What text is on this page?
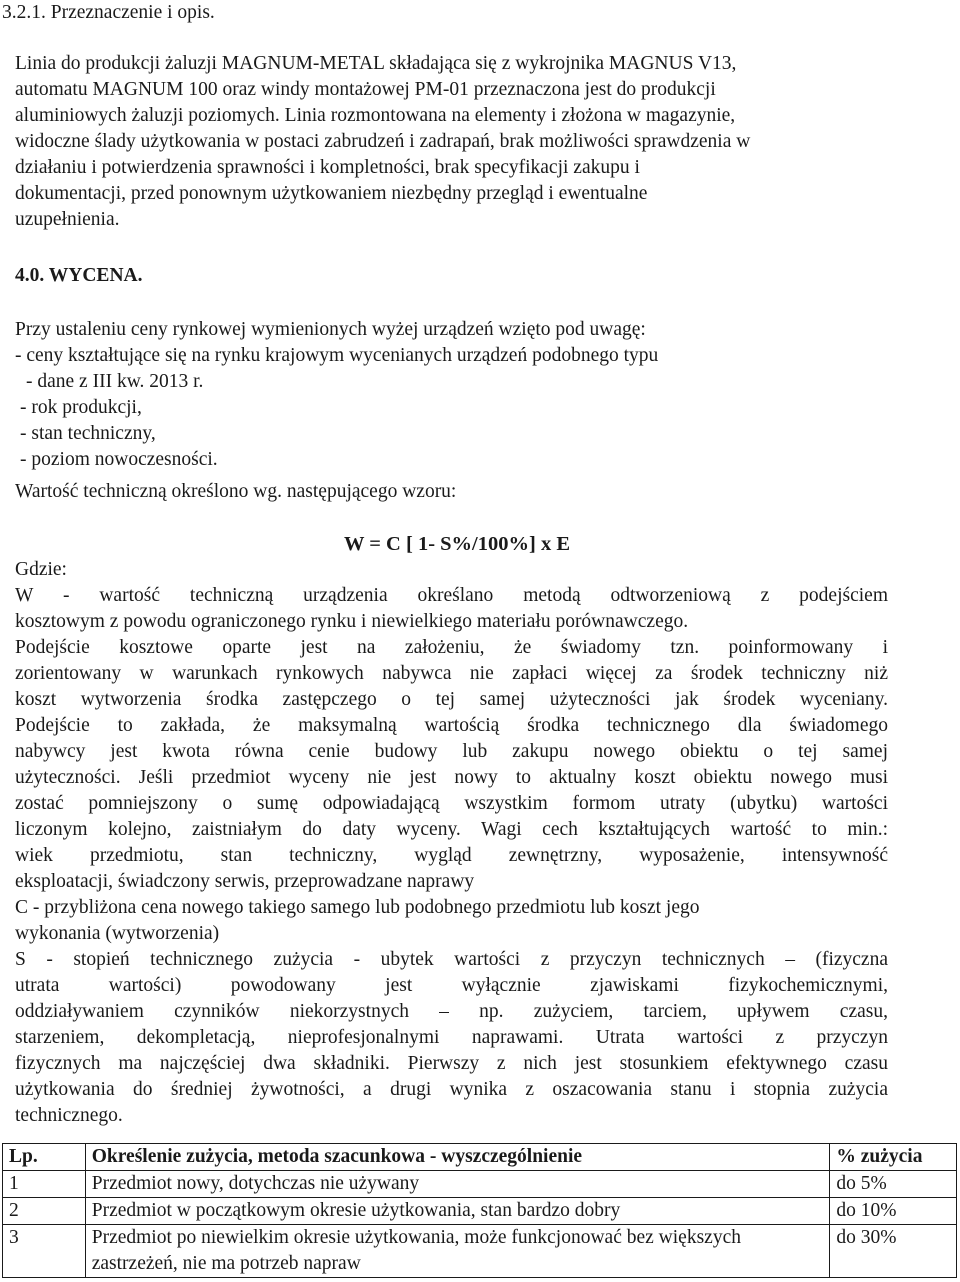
3.2.1. Przeznaczenie i opis.
Linia do produkcji żaluzji MAGNUM-METAL składająca się z wykrojnika MAGNUS V13,
automatu MAGNUM 100 oraz windy montażowej PM-01 przeznaczona jest do produkcji
aluminiowych żaluzji poziomych. Linia rozmontowana na elementy i złożona w magazynie,
widoczne ślady użytkowania w postaci zabrudzeń i zadrapań, brak możliwości sprawdzenia w
działaniu i potwierdzenia sprawności i kompletności, brak specyfikacji zakupu i
dokumentacji, przed ponownym użytkowaniem niezbędny przegląd i ewentualne
uzupełnienia.
4.0. WYCENA.
Przy ustaleniu ceny rynkowej wymienionych wyżej urządzeń wzięto pod uwagę:
- ceny kształtujące się na rynku krajowym wycenianych urządzeń podobnego typu
- dane z III kw. 2013 r.
- rok produkcji,
- stan techniczny,
- poziom nowoczesności.
Wartość techniczną określono wg. następującego wzoru:
W = C [ 1- S%/100%] x E
Gdzie:
W - wartość techniczną urządzenia określano metodą odtworzeniową z podejściem
kosztowym z powodu ograniczonego rynku i niewielkiego materiału porównawczego.
Podejście kosztowe oparte jest na założeniu, że świadomy tzn. poinformowany i
zorientowany w warunkach rynkowych nabywca nie zapłaci więcej za środek techniczny niż
koszt wytworzenia środka zastępczego o tej samej użyteczności jak środek wyceniany.
Podejście to zakłada, że maksymalną wartością środka technicznego dla świadomego
nabywcy jest kwota równa cenie budowy lub zakupu nowego obiektu o tej samej
użyteczności. Jeśli przedmiot wyceny nie jest nowy to aktualny koszt obiektu nowego musi
zostać pomniejszony o sumę odpowiadającą wszystkim formom utraty (ubytku) wartości
liczonym kolejno, zaistniałym do daty wyceny. Wagi cech kształtujących wartość to min.:
wiek przedmiotu, stan techniczny, wygląd zewnętrzny, wyposażenie, intensywność
eksploatacji, świadczony serwis, przeprowadzane naprawy
C - przybliżona cena nowego takiego samego lub podobnego przedmiotu lub koszt jego
wykonania (wytworzenia)
S - stopień technicznego zużycia - ubytek wartości z przyczyn technicznych – (fizyczna
utrata wartości) powodowany jest wyłącznie zjawiskami fizykochemicznymi,
oddziaływaniem czynników niekorzystnych – np. zużyciem, tarciem, upływem czasu,
starzeniem, dekompletacją, nieprofesjonalnymi naprawami. Utrata wartości z przyczyn
fizycznych ma najczęściej dwa składniki. Pierwszy z nich jest stosunkiem efektywnego czasu
użytkowania do średniej żywotności, a drugi wynika z oszacowania stanu i stopnia zużycia
technicznego.
Lp.	Określenie zużycia, metoda szacunkowa - wyszczególnienie	% zużycia
1	Przedmiot nowy, dotychczas nie używany	do 5%
2	Przedmiot w początkowym okresie użytkowania, stan bardzo dobry	do 10%
3	Przedmiot po niewielkim okresie użytkowania, może funkcjonować bez większych zastrzeżeń, nie ma potrzeb napraw	do 30%
